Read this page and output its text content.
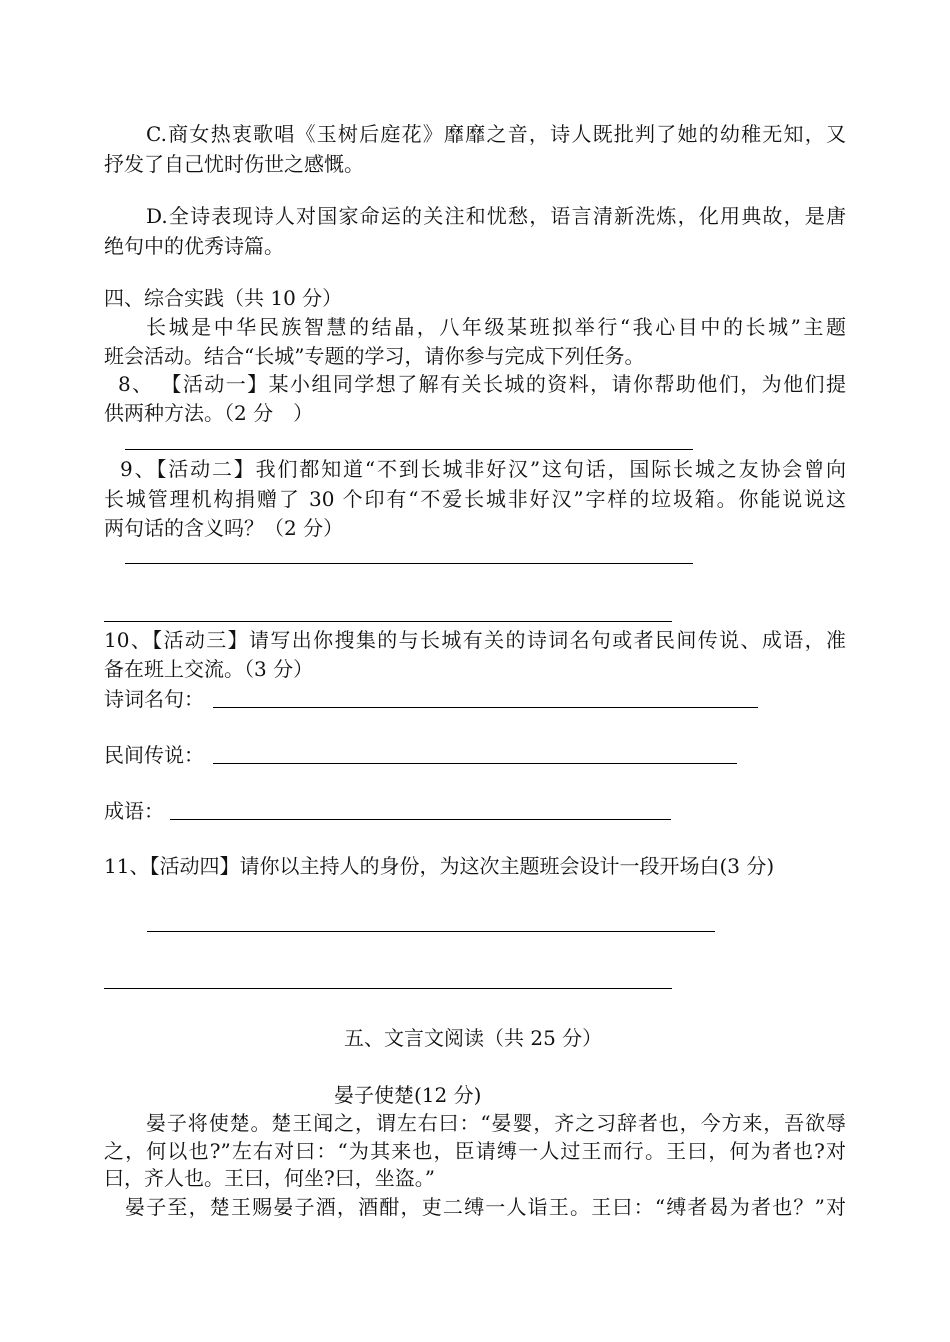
C.商女热衷歌唱《玉树后庭花》靡靡之音，诗人既批判了她的幼稚无知，又
抒发了自己忧时伤世之感慨。
D.全诗表现诗人对国家命运的关注和忧愁，语言清新洗炼，化用典故，是唐
绝句中的优秀诗篇。
四、综合实践（共 10 分）
长城是中华民族智慧的结晶，八年级某班拟举行“我心目中的长城”主题
班会活动。结合“长城”专题的学习，请你参与完成下列任务。
8、 【活动一】某小组同学想了解有关长城的资料，请你帮助他们，为他们提
供两种方法。（2 分　）
9、【活动二】我们都知道“不到长城非好汉”这句话，国际长城之友协会曾向
长城管理机构捐赠了 30 个印有“不爱长城非好汉”字样的垃圾箱。你能说说这
两句话的含义吗？（2 分）
10、【活动三】请写出你搜集的与长城有关的诗词名句或者民间传说、成语，准
备在班上交流。（3 分）
诗词名句：
民间传说：
成语：
11、【活动四】请你以主持人的身份，为这次主题班会设计一段开场白(3 分)
五、文言文阅读（共 25 分）
晏子使楚(12 分)
晏子将使楚。楚王闻之，谓左右曰：“晏婴，齐之习辞者也，今方来，吾欲辱
之，何以也?”左右对曰：“为其来也，臣请缚一人过王而行。王曰，何为者也?对
曰，齐人也。王曰，何坐?曰，坐盗。”
晏子至，楚王赐晏子酒，酒酣，吏二缚一人诣王。王曰：“缚者曷为者也？”对
